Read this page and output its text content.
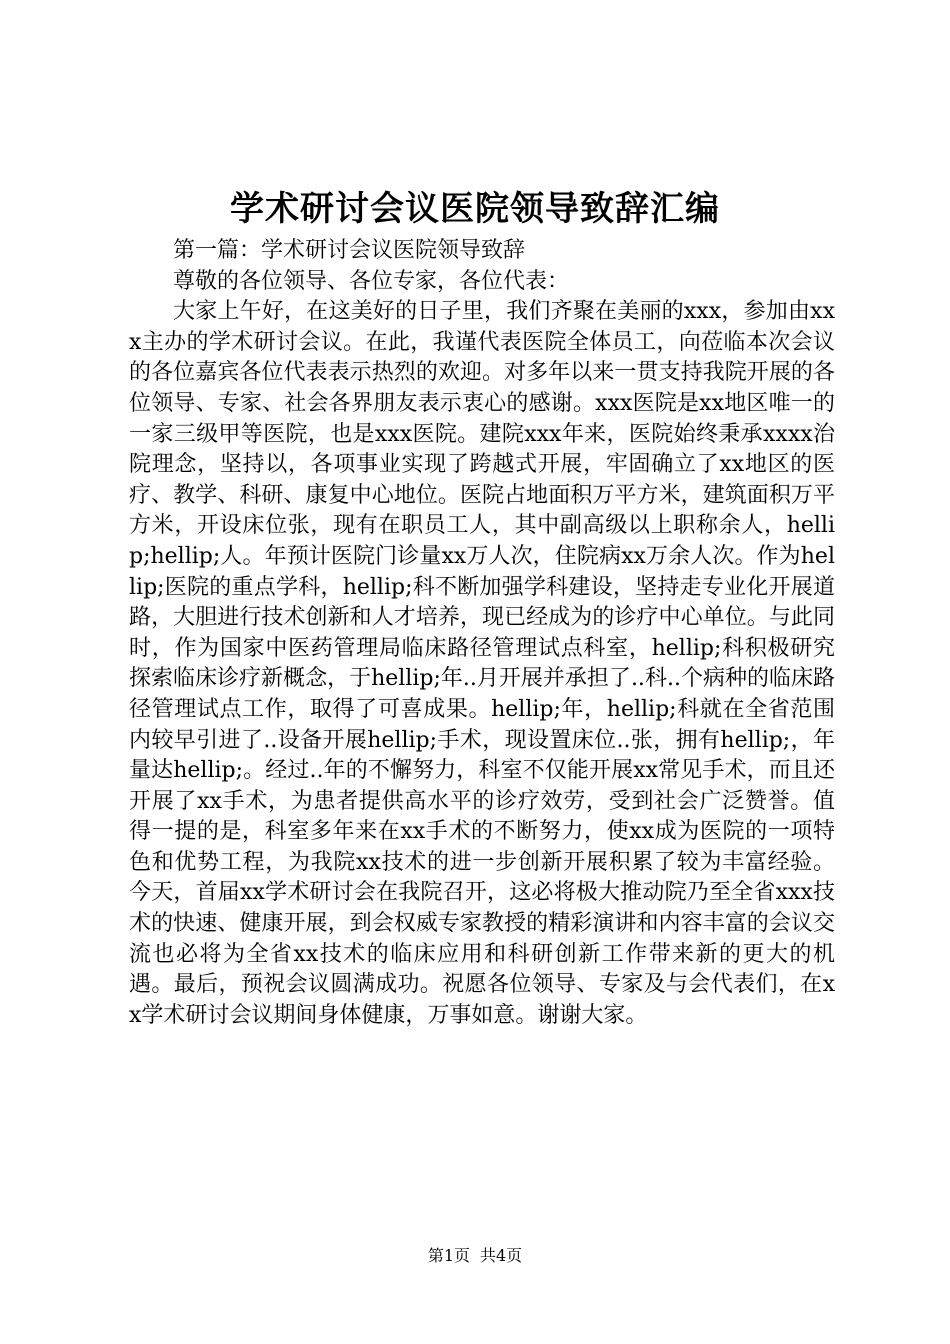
学术研讨会议医院领导致辞汇编

第一篇：学术研讨会议医院领导致辞

尊敬的各位领导、各位专家，各位代表：

大家上午好，在这美好的日子里，我们齐聚在美丽的xxx，参加由xxx主办的学术研讨会议。在此，我谨代表医院全体员工，向莅临本次会议的各位嘉宾各位代表表示热烈的欢迎。对多年以来一贯支持我院开展的各位领导、专家、社会各界朋友表示衷心的感谢。xxx医院是xx地区唯一的一家三级甲等医院，也是xxx医院。建院xxx年来，医院始终秉承xxxx治院理念，坚持以，各项事业实现了跨越式开展，牢固确立了xx地区的医疗、教学、科研、康复中心地位。医院占地面积万平方米，建筑面积万平方米，开设床位张，现有在职员工人，其中副高级以上职称余人，hellip;hellip;人。年预计医院门诊量xx万人次，住院病xx万余人次。作为hellip;医院的重点学科，hellip;科不断加强学科建设，坚持走专业化开展道路，大胆进行技术创新和人才培养，现已经成为的诊疗中心单位。与此同时，作为国家中医药管理局临床路径管理试点科室，hellip;科积极研究探索临床诊疗新概念，于hellip;年..月开展并承担了..科..个病种的临床路径管理试点工作，取得了可喜成果。hellip;年，hellip;科就在全省范围内较早引进了..设备开展hellip;手术，现设置床位..张，拥有hellip;，年量达hellip;。经过..年的不懈努力，科室不仅能开展xx常见手术，而且还开展了xx手术，为患者提供高水平的诊疗效劳，受到社会广泛赞誉。值得一提的是，科室多年来在xx手术的不断努力，使xx成为医院的一项特色和优势工程，为我院xx技术的进一步创新开展积累了较为丰富经验。今天，首届xx学术研讨会在我院召开，这必将极大推动院乃至全省xxx技术的快速、健康开展，到会权威专家教授的精彩演讲和内容丰富的会议交流也必将为全省xx技术的临床应用和科研创新工作带来新的更大的机遇。最后，预祝会议圆满成功。祝愿各位领导、专家及与会代表们，在xx学术研讨会议期间身体健康，万事如意。谢谢大家。

第1页 共4页
